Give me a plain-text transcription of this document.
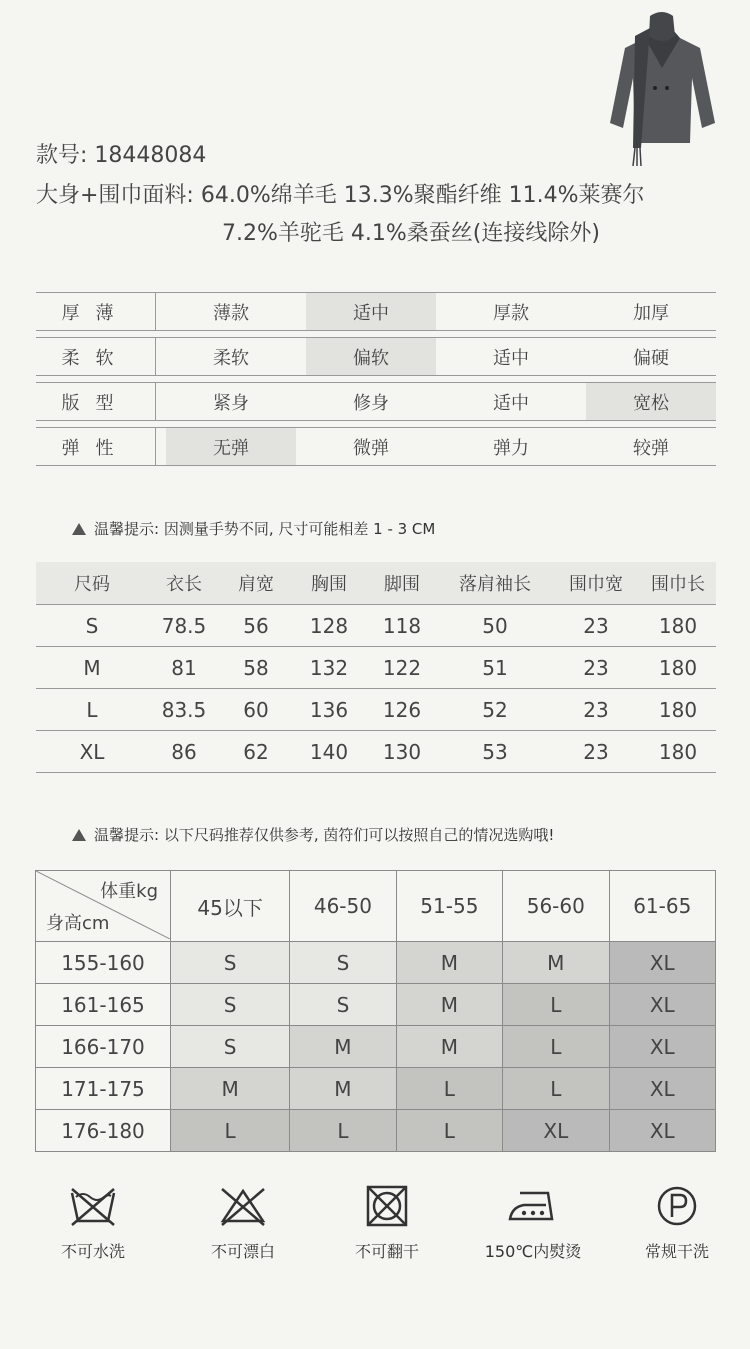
款号: 18448084
大身+围巾面料: 64.0%绵羊毛 13.3%聚酯纤维 11.4%莱赛尔
7.2%羊驼毛 4.1%桑蚕丝(连接线除外)
厚薄	薄款	适中	厚款	加厚
柔软	柔软	偏软	适中	偏硬
版型	紧身	修身	适中	宽松
弹性	无弹	微弹	弹力	较弹
温馨提示: 因测量手势不同, 尺寸可能相差 1 - 3 CM
尺码	衣长	肩宽	胸围	脚围	落肩袖长	围巾宽	围巾长
S	78.5	56	128	118	50	23	180
M	81	58	132	122	51	23	180
L	83.5	60	136	126	52	23	180
XL	86	62	140	130	53	23	180
温馨提示: 以下尺码推荐仅供参考, 茵符们可以按照自己的情况选购哦!
体重kg
身高cm	45以下	46-50	51-55	56-60	61-65
155-160	S	S	M	M	XL
161-165	S	S	M	L	XL
166-170	S	M	M	L	XL
171-175	M	M	L	L	XL
176-180	L	L	L	XL	XL
不可水洗	不可漂白	不可翻干	150℃内熨烫	常规干洗
